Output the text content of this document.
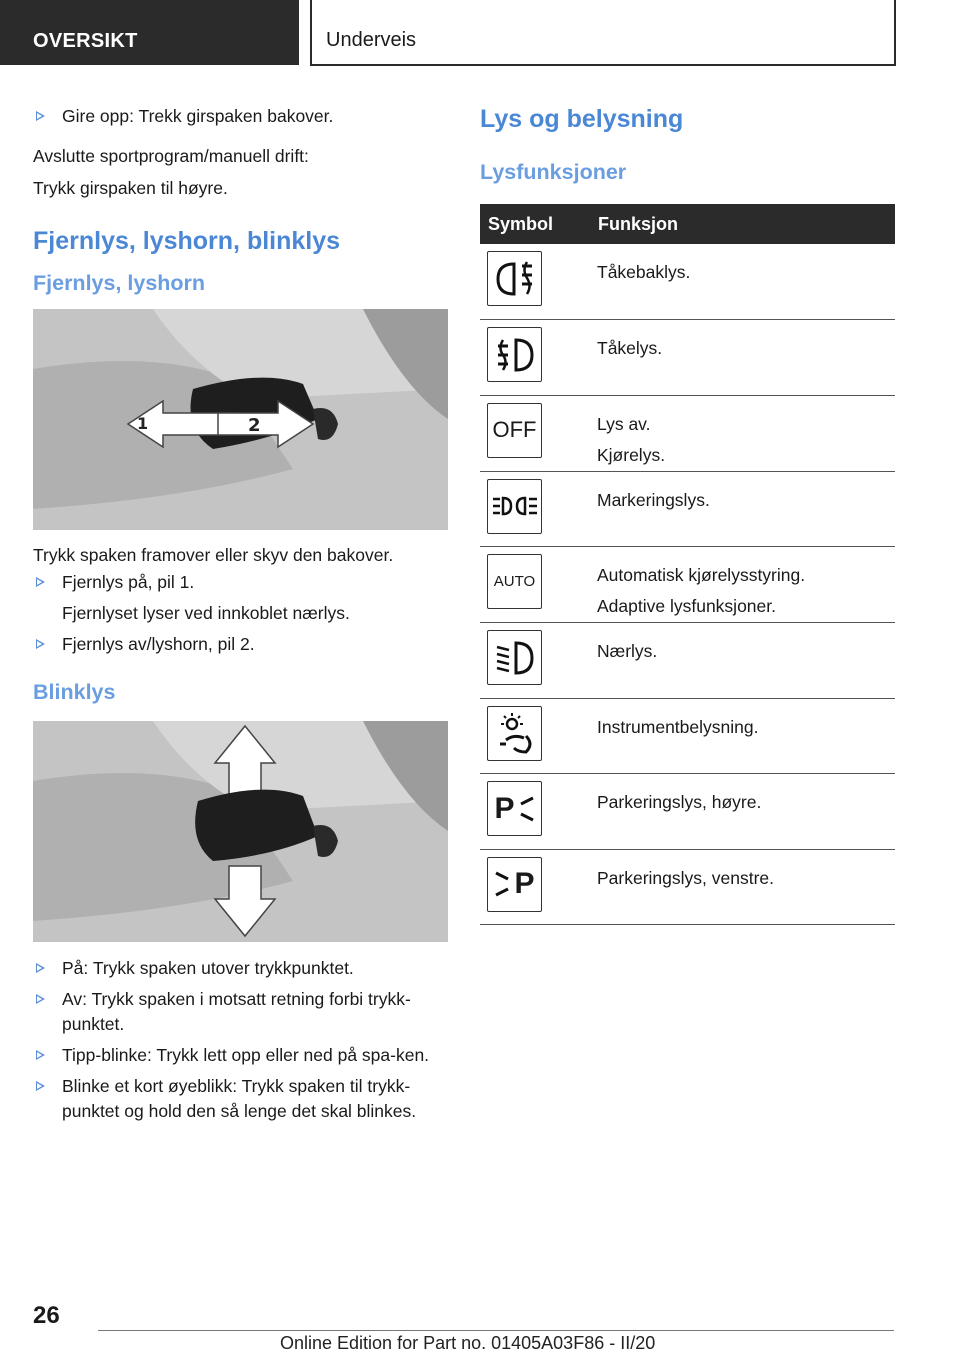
OVERSIKT	Underveis
Gire opp: Trekk girspaken bakover.
Avslutte sportprogram/manuell drift:
Trykk girspaken til høyre.
Fjernlys, lyshorn, blinklys
Fjernlys, lyshorn
1	2
Trykk spaken framover eller skyv den bakover.
Fjernlys på, pil 1.
Fjernlyset lyser ved innkoblet nærlys.
Fjernlys av/lyshorn, pil 2.
Blinklys
På: Trykk spaken utover trykkpunktet.
Av: Trykk spaken i motsatt retning forbi trykk-punktet.
Tipp-blinke: Trykk lett opp eller ned på spa-ken.
Blinke et kort øyeblikk: Trykk spaken til trykk-punktet og hold den så lenge det skal blinkes.
Lys og belysning
Lysfunksjoner
Symbol	Funksjon

Tåkebaklys.

Tåkelys.

OFF	Lys av.
Kjørelys.

Markeringslys.

AUTO	Automatisk kjørelysstyring.
Adaptive lysfunksjoner.

Nærlys.

Instrumentbelysning.

P	Parkeringslys, høyre.

P	Parkeringslys, venstre.
26
Online Edition for Part no. 01405A03F86 - II/20
